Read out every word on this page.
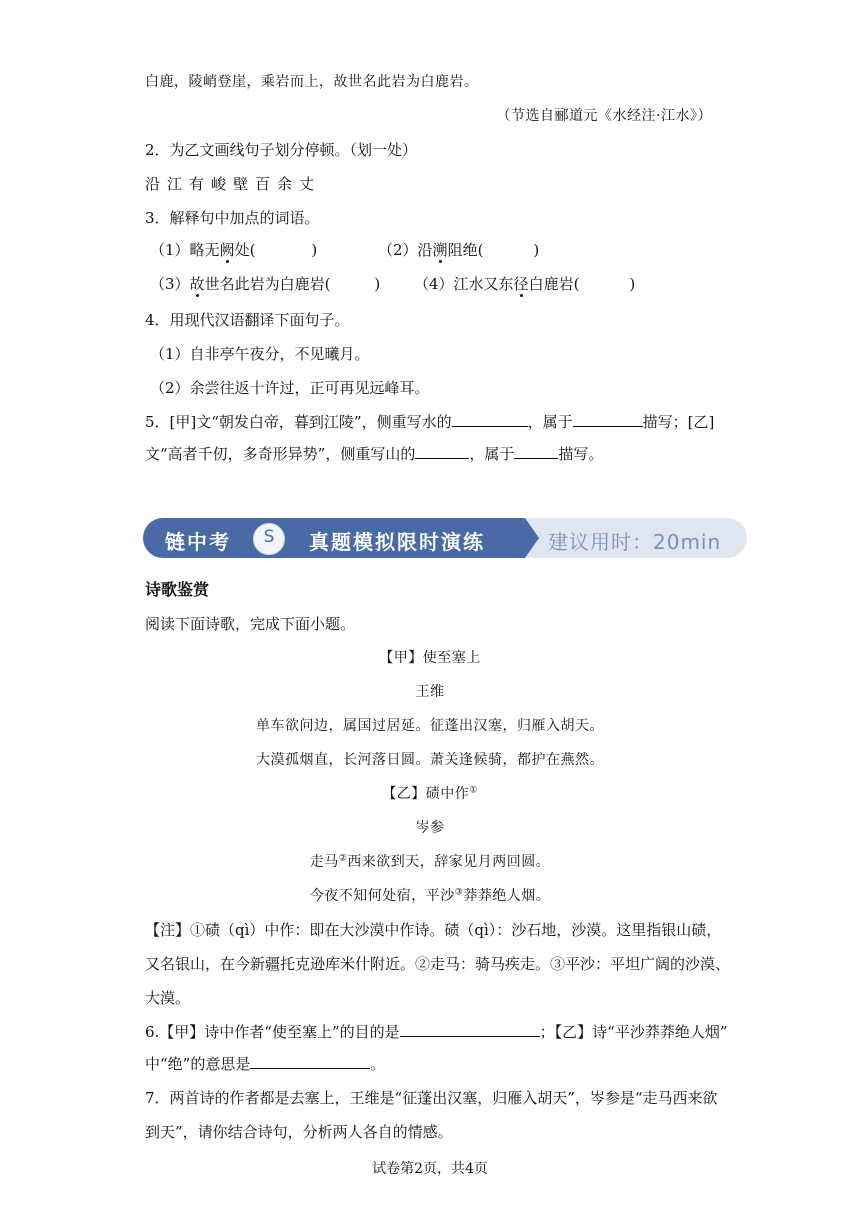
白鹿，陵峭登崖，乘岩而上，故世名此岩为白鹿岩。
（节选自郦道元《水经注·江水》）
2．为乙文画线句子划分停顿。（划一处）
沿江有峻壁百余丈
3．解释句中加点的词语。
（1）略无阙处(	)	（2）沿溯阻绝(	)
（3）故世名此岩为白鹿岩(	) （4）江水又东径白鹿岩(	)
4．用现代汉语翻译下面句子。
（1）自非亭午夜分，不见曦月。
（2）余尝往返十许过，正可再见远峰耳。
5．[甲]文“朝发白帝，暮到江陵”，侧重写水的	，属于	描写；[乙]
文“高者千仞，多奇形异势”，侧重写山的	，属于	描写。
链中考	S	真题模拟限时演练	建议用时：20min
诗歌鉴赏
阅读下面诗歌，完成下面小题。
【甲】使至塞上
王维
单车欲问边，属国过居延。征蓬出汉塞，归雁入胡天。
大漠孤烟直，长河落日圆。萧关逢候骑，都护在燕然。
【乙】碛中作①
岑参
走马②西来欲到天，辞家见月两回圆。
今夜不知何处宿，平沙③莽莽绝人烟。
【注】①碛（qì）中作：即在大沙漠中作诗。碛（qì）：沙石地，沙漠。这里指银山碛，
又名银山，在今新疆托克逊库米什附近。②走马：骑马疾走。③平沙：平坦广阔的沙漠、
大漠。
6.【甲】诗中作者“使至塞上”的目的是	；【乙】诗“平沙莽莽绝人烟”
中“绝”的意思是	。
7．两首诗的作者都是去塞上，王维是“征蓬出汉塞，归雁入胡天”，岑参是“走马西来欲
到天”，请你结合诗句，分析两人各自的情感。
试卷第2页，共4页
